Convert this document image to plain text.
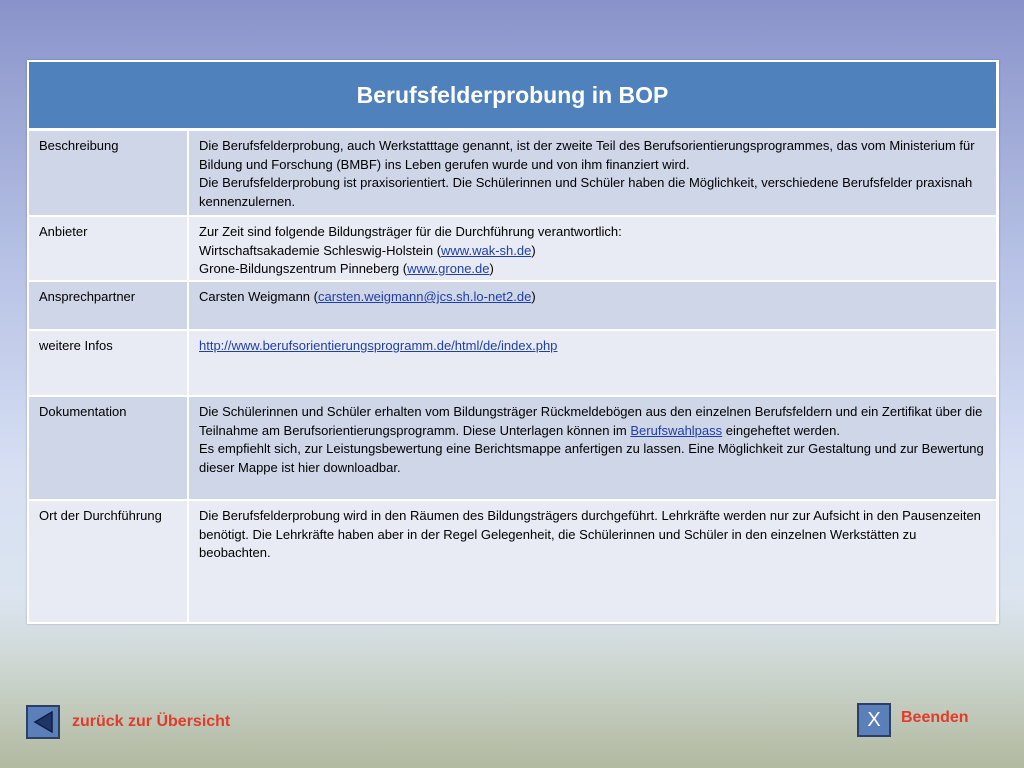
Berufsfelderprobung in BOP
Beschreibung	Die Berufsfelderprobung, auch Werkstatttage genannt, ist der zweite Teil des Berufsorientierungsprogrammes, das vom Ministerium für Bildung und Forschung (BMBF) ins Leben gerufen wurde und von ihm finanziert wird.
Die Berufsfelderprobung ist praxisorientiert. Die Schülerinnen und Schüler haben die Möglichkeit, verschiedene Berufsfelder praxisnah kennenzulernen.
Anbieter	Zur Zeit sind folgende Bildungsträger für die Durchführung verantwortlich:
Wirtschaftsakademie Schleswig-Holstein (www.wak-sh.de)
Grone-Bildungszentrum Pinneberg (www.grone.de)
Ansprechpartner	Carsten Weigmann (carsten.weigmann@jcs.sh.lo-net2.de)
weitere Infos	http://www.berufsorientierungsprogramm.de/html/de/index.php
Dokumentation	Die Schülerinnen und Schüler erhalten vom Bildungsträger Rückmeldebögen aus den einzelnen Berufsfeldern und ein Zertifikat über die Teilnahme am Berufsorientierungsprogramm. Diese Unterlagen können im Berufswahlpass eingeheftet werden.
Es empfiehlt sich, zur Leistungsbewertung eine Berichtsmappe anfertigen zu lassen. Eine Möglichkeit zur Gestaltung und zur Bewertung dieser Mappe ist hier downloadbar.
Ort der Durchführung	Die Berufsfelderprobung wird in den Räumen des Bildungsträgers durchgeführt. Lehrkräfte werden nur zur Aufsicht in den Pausenzeiten benötigt. Die Lehrkräfte haben aber in der Regel Gelegenheit, die Schülerinnen und Schüler in den einzelnen Werkstätten zu beobachten.
zurück zur Übersicht	X	Beenden
